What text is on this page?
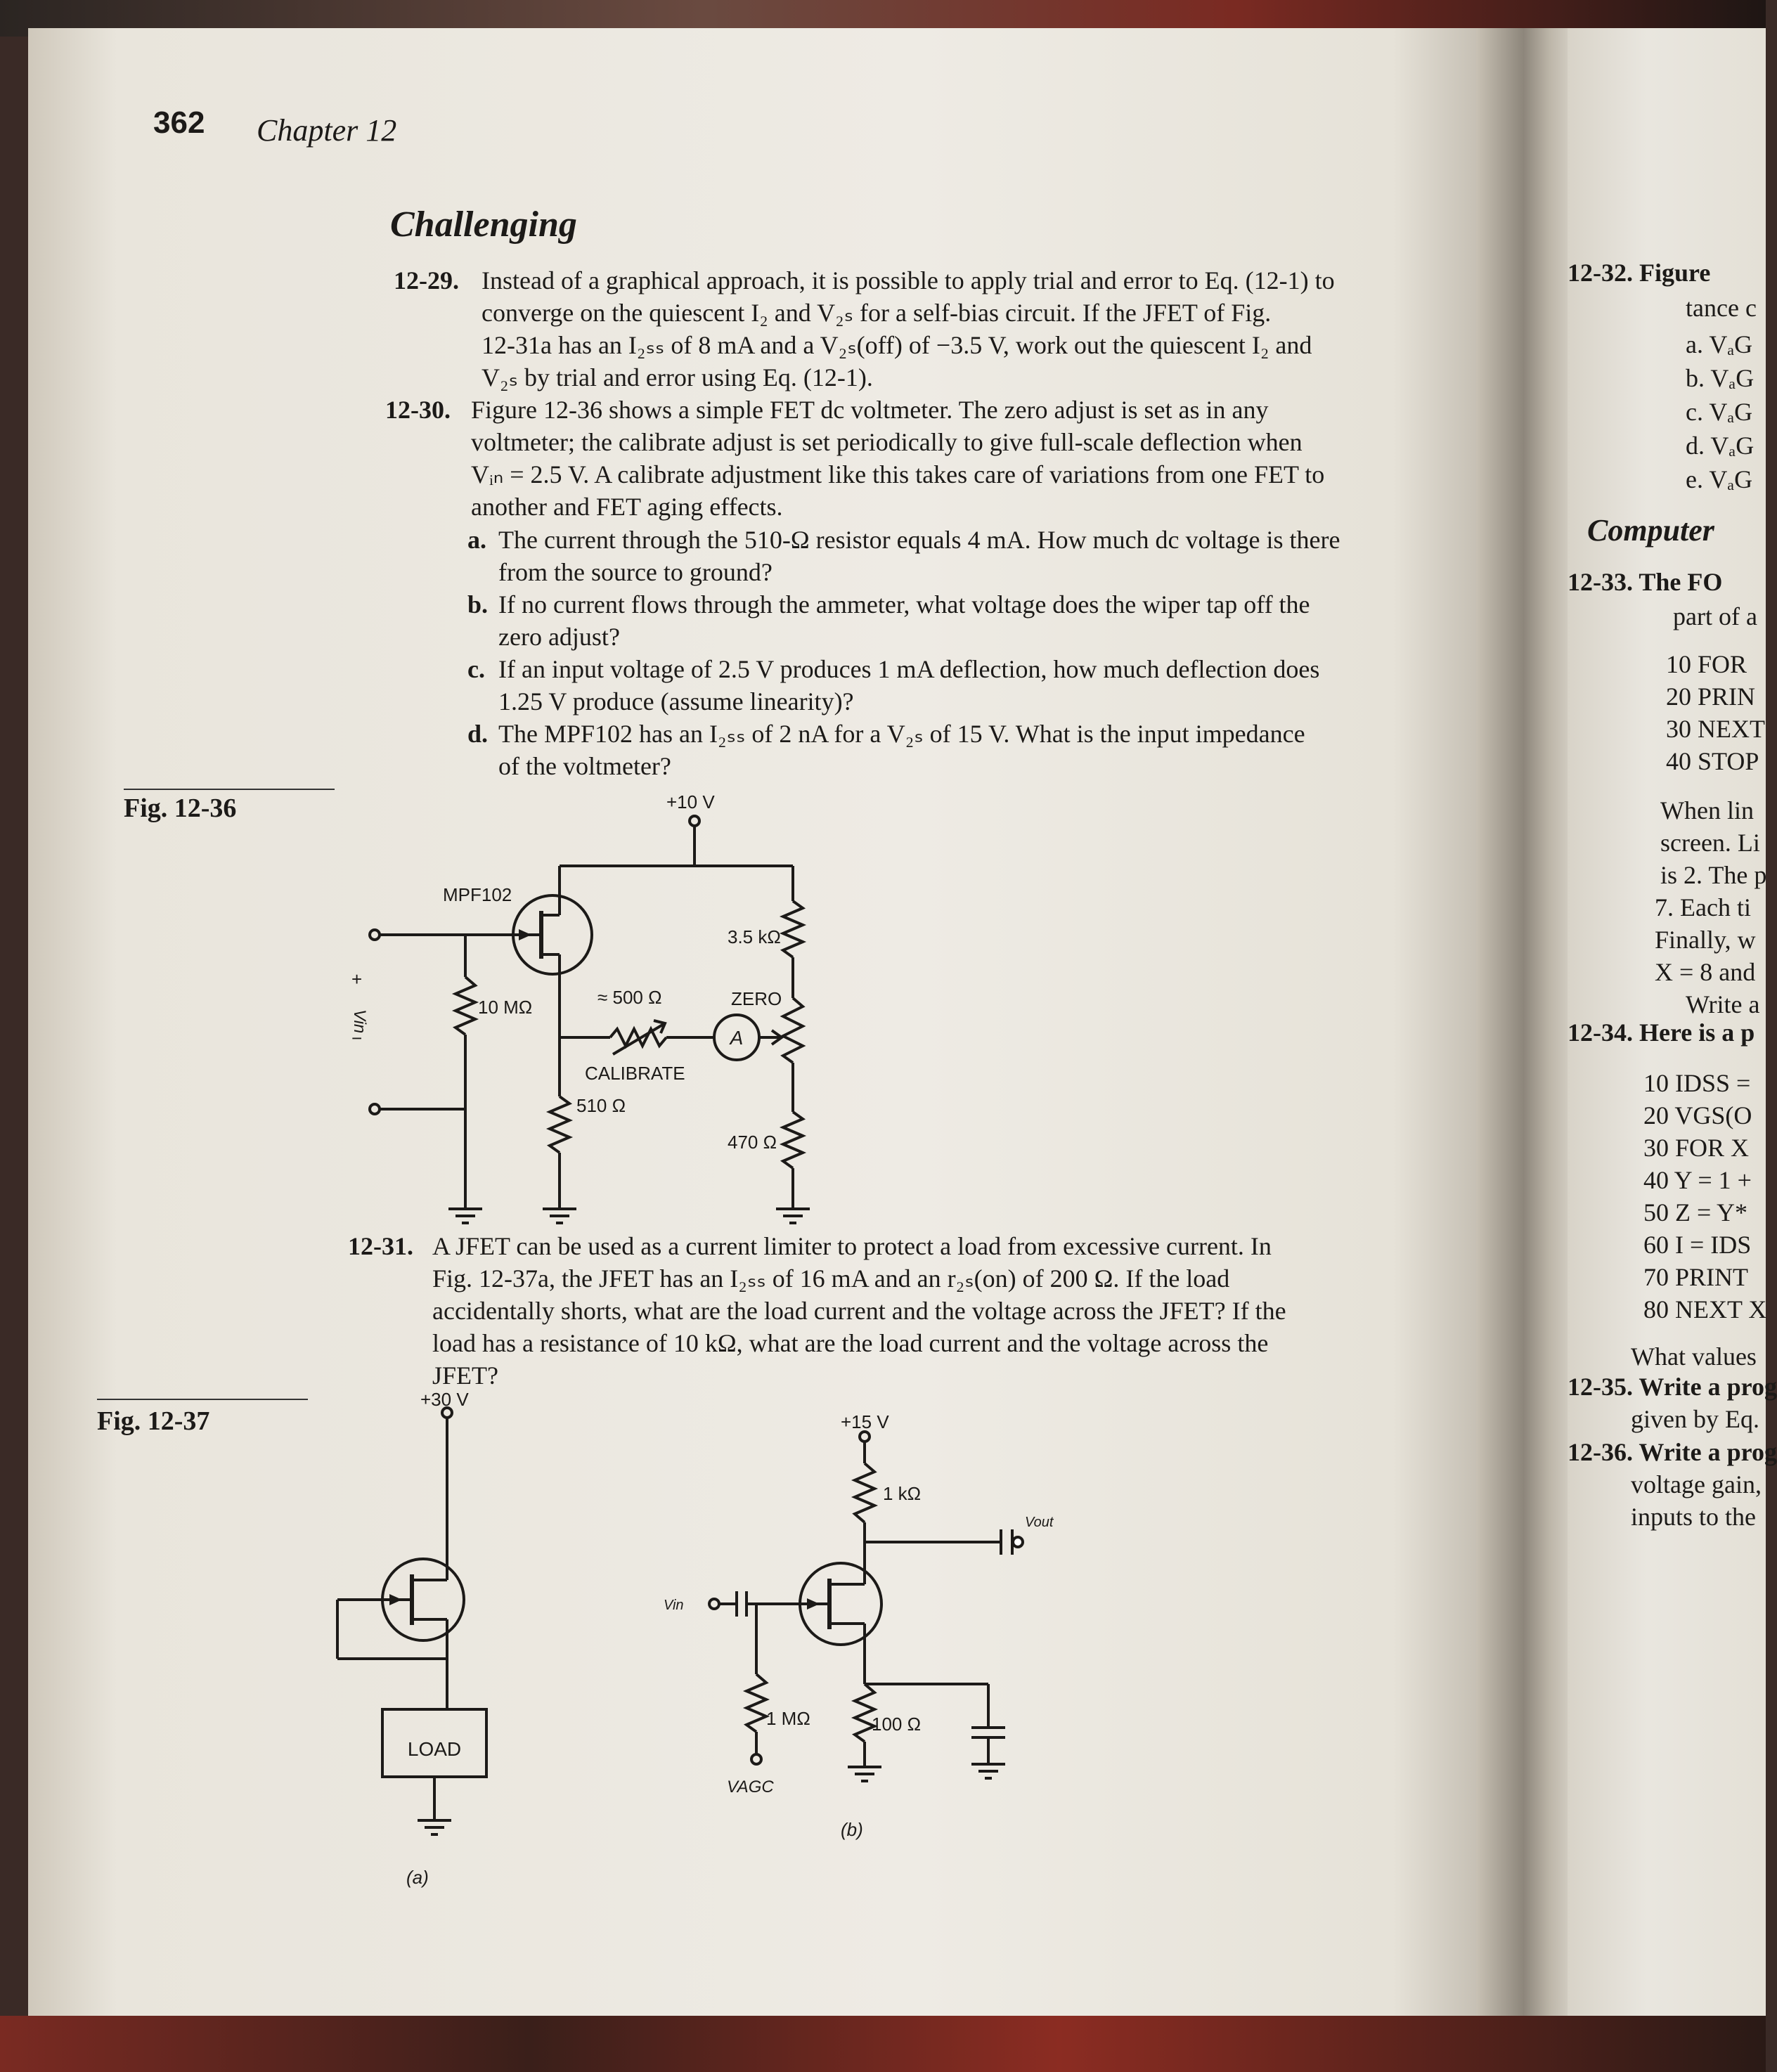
12-32. Figure
tance c
a. VₐG
b. VₐG
c. VₐG
d. VₐG
e. VₐG
Computer
12-33. The FO
part of a
10 FOR
20 PRIN
30 NEXT
40 STOP
When lin
screen. Li
is 2. The p
7. Each ti
Finally, w
X = 8 and
Write a
12-34. Here is a p
10 IDSS =
20 VGS(O
30 FOR X
40 Y = 1 +
50 Z = Y*
60 I = IDS
70 PRINT
80 NEXT X
What values
12-35. Write a prog
given by Eq.
12-36. Write a prog
voltage gain,
inputs to the
362 Chapter 12
Challenging
12-29. Instead of a graphical approach, it is possible to apply trial and error to Eq. (12-1) to
converge on the quiescent I₂ and V₂ₛ for a self-bias circuit. If the JFET of Fig.
12-31a has an I₂ₛₛ of 8 mA and a V₂ₛ(off) of −3.5 V, work out the quiescent I₂ and
V₂ₛ by trial and error using Eq. (12-1).
12-30. Figure 12-36 shows a simple FET dc voltmeter. The zero adjust is set as in any
voltmeter; the calibrate adjust is set periodically to give full-scale deflection when
Vᵢₙ = 2.5 V. A calibrate adjustment like this takes care of variations from one FET to
another and FET aging effects.
a. The current through the 510-Ω resistor equals 4 mA. How much dc voltage is there
from the source to ground?
b. If no current flows through the ammeter, what voltage does the wiper tap off the
zero adjust?
c. If an input voltage of 2.5 V produces 1 mA deflection, how much deflection does
1.25 V produce (assume linearity)?
d. The MPF102 has an I₂ₛₛ of 2 nA for a V₂ₛ of 15 V. What is the input impedance
of the voltmeter?
Fig. 12-36	+10 V
MPF102
3.5 kΩ
+
Vin
−
10 MΩ	≈ 500 Ω	ZERO
A
CALIBRATE
510 Ω
470 Ω
12-31. A JFET can be used as a current limiter to protect a load from excessive current. In
Fig. 12-37a, the JFET has an I₂ₛₛ of 16 mA and an r₂ₛ(on) of 200 Ω. If the load
accidentally shorts, what are the load current and the voltage across the JFET? If the
load has a resistance of 10 kΩ, what are the load current and the voltage across the
JFET?
Fig. 12-37
+30 V
LOAD
(a)
+15 V
1 kΩ
Vout
Vin
1 MΩ	100 Ω
VAGC
(b)
